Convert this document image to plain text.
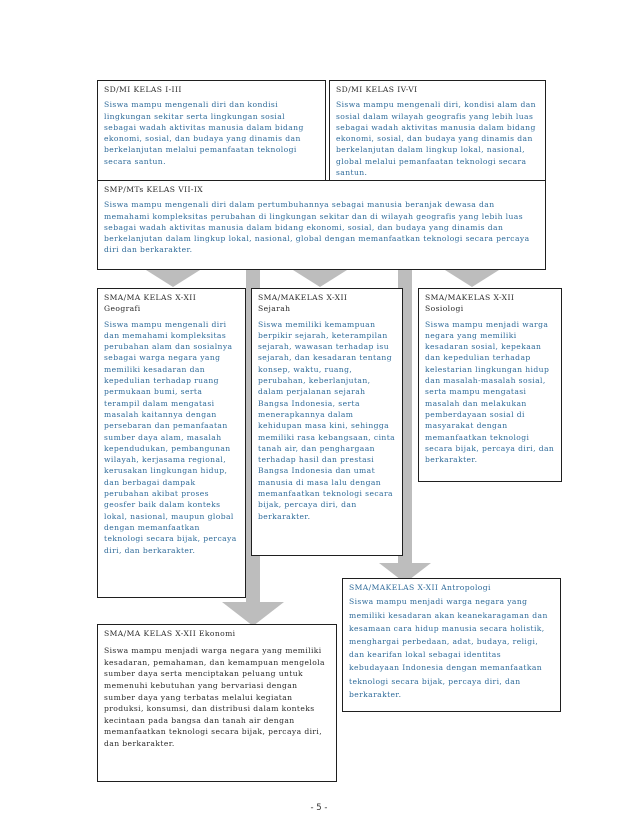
SD/MI KELAS I-III
Siswa mampu mengenali diri dan kondisi lingkungan sekitar serta lingkungan sosial sebagai wadah aktivitas manusia dalam bidang ekonomi, sosial, dan budaya yang dinamis dan berkelanjutan melalui pemanfaatan teknologi secara santun.
SD/MI KELAS IV-VI
Siswa mampu mengenali diri, kondisi alam dan sosial dalam wilayah geografis yang lebih luas sebagai wadah aktivitas manusia dalam bidang ekonomi, sosial, dan budaya yang dinamis dan berkelanjutan dalam lingkup lokal, nasional, global melalui pemanfaatan teknologi secara santun.
SMP/MTs KELAS VII-IX
Siswa mampu mengenali diri dalam pertumbuhannya sebagai manusia beranjak dewasa dan memahami kompleksitas perubahan di lingkungan sekitar dan di wilayah geografis yang lebih luas sebagai wadah aktivitas manusia dalam bidang ekonomi, sosial, dan budaya yang dinamis dan berkelanjutan dalam lingkup lokal, nasional, global dengan memanfaatkan teknologi secara percaya diri dan berkarakter.
SMA/MA KELAS X-XII
Geografi
Siswa mampu mengenali diri dan memahami kompleksitas perubahan alam dan sosialnya sebagai warga negara yang memiliki kesadaran dan kepedulian terhadap ruang permukaan bumi, serta terampil dalam mengatasi masalah kaitannya dengan persebaran dan pemanfaatan sumber daya alam, masalah kependudukan, pembangunan wilayah, kerjasama regional, kerusakan lingkungan hidup, dan berbagai dampak perubahan akibat proses geosfer baik dalam konteks lokal, nasional, maupun global dengan memanfaatkan teknologi secara bijak, percaya diri, dan berkarakter.
SMA/MAKELAS X-XII
Sejarah
Siswa memiliki kemampuan berpikir sejarah, keterampilan sejarah, wawasan terhadap isu sejarah, dan kesadaran tentang konsep, waktu, ruang, perubahan, keberlanjutan, dalam perjalanan sejarah Bangsa Indonesia, serta menerapkannya dalam kehidupan masa kini, sehingga memiliki rasa kebangsaan, cinta tanah air, dan penghargaan terhadap hasil dan prestasi Bangsa Indonesia dan umat manusia di masa lalu dengan memanfaatkan teknologi secara bijak, percaya diri, dan berkarakter.
SMA/MAKELAS X-XII
Sosiologi
Siswa mampu menjadi warga negara yang memiliki kesadaran sosial, kepekaan dan kepedulian terhadap kelestarian lingkungan hidup dan masalah-masalah sosial, serta mampu mengatasi masalah dan melakukan pemberdayaan sosial di masyarakat dengan memanfaatkan teknologi secara bijak, percaya diri, dan berkarakter.
SMA/MAKELAS X-XII Antropologi
Siswa mampu menjadi warga negara yang memiliki kesadaran akan keanekaragaman dan kesamaan cara hidup manusia secara holistik, menghargai perbedaan, adat, budaya, religi, dan kearifan lokal sebagai identitas kebudayaan Indonesia dengan memanfaatkan teknologi secara bijak, percaya diri, dan berkarakter.
SMA/MA KELAS X-XII Ekonomi
Siswa mampu menjadi warga negara yang memiliki kesadaran, pemahaman, dan kemampuan mengelola sumber daya serta menciptakan peluang untuk memenuhi kebutuhan yang bervariasi dengan sumber daya yang terbatas melalui kegiatan produksi, konsumsi, dan distribusi dalam konteks kecintaan pada bangsa dan tanah air dengan memanfaatkan teknologi secara bijak, percaya diri, dan berkarakter.
- 5 -
